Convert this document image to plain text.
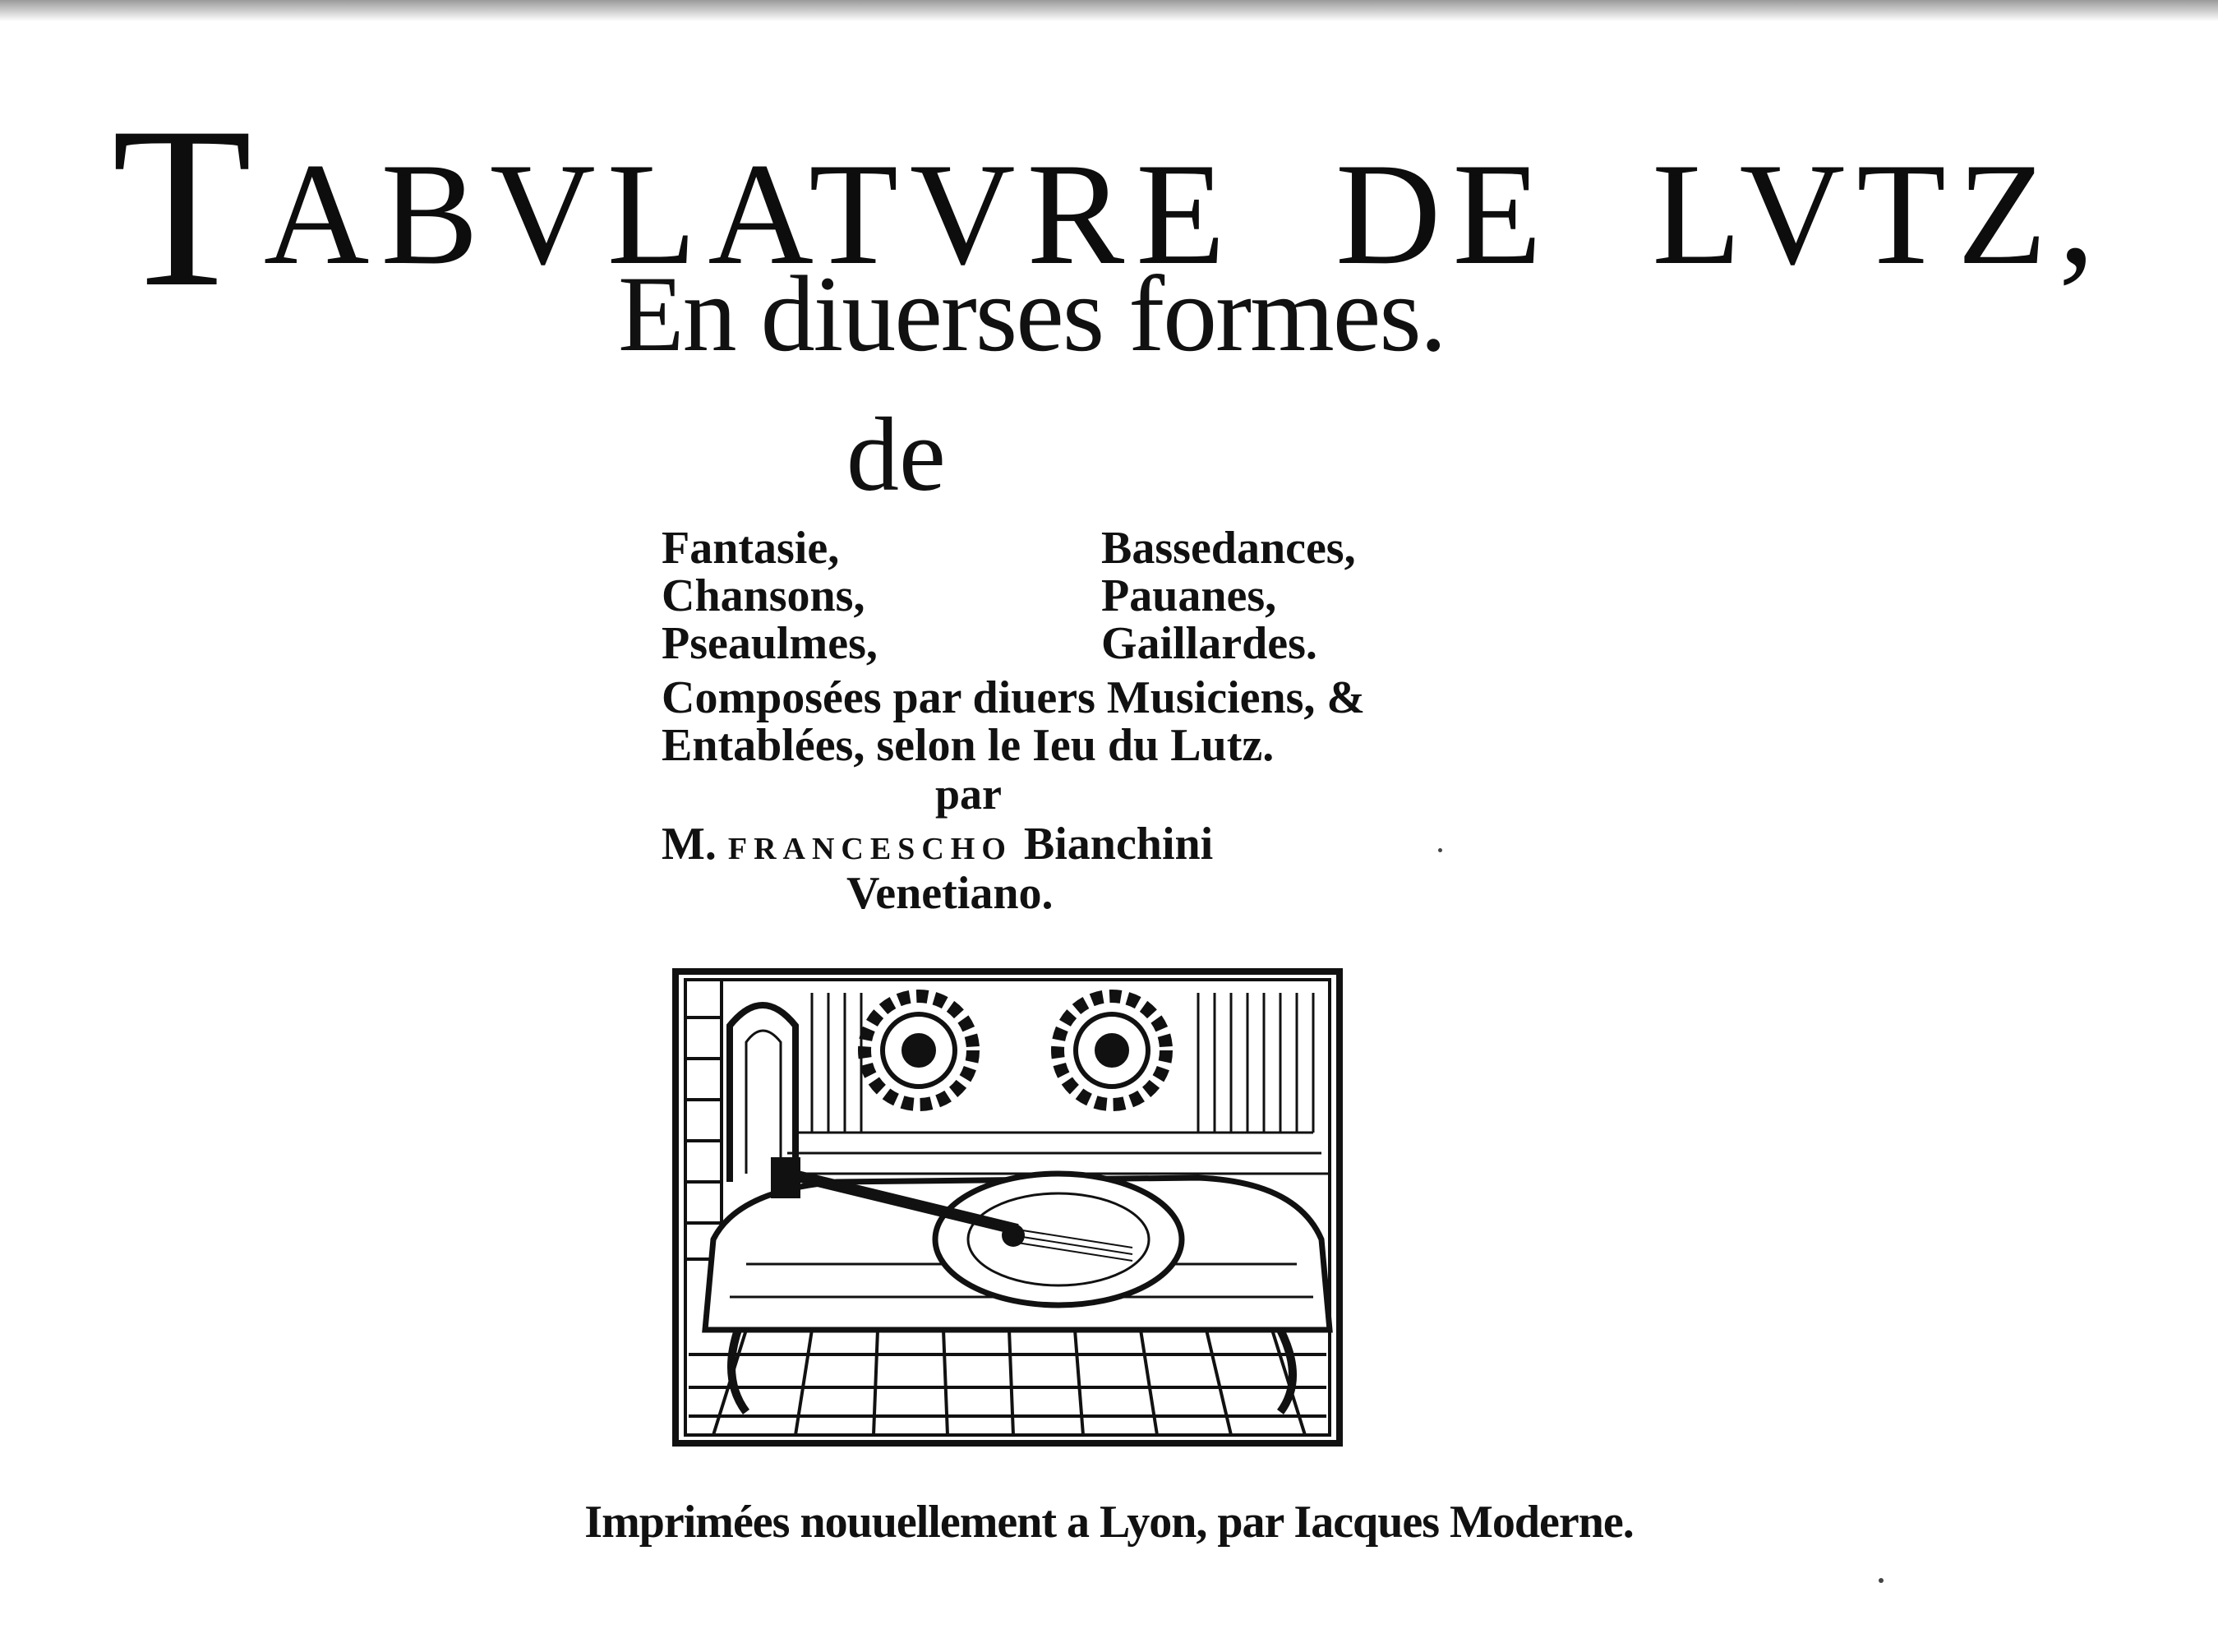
TABVLATVRE DE LVTZ,
En diuerses formes.
de
Fantasie,
Chansons,
Pseaulmes,
Bassedances,
Pauanes,
Gaillardes.
Composées par diuers Musiciens, &
Entablées, selon le Ieu du Lutz.
par
M. FRANCESCHO Bianchini
Venetiano.
Imprimées nouuellement a Lyon, par Iacques Moderne.
